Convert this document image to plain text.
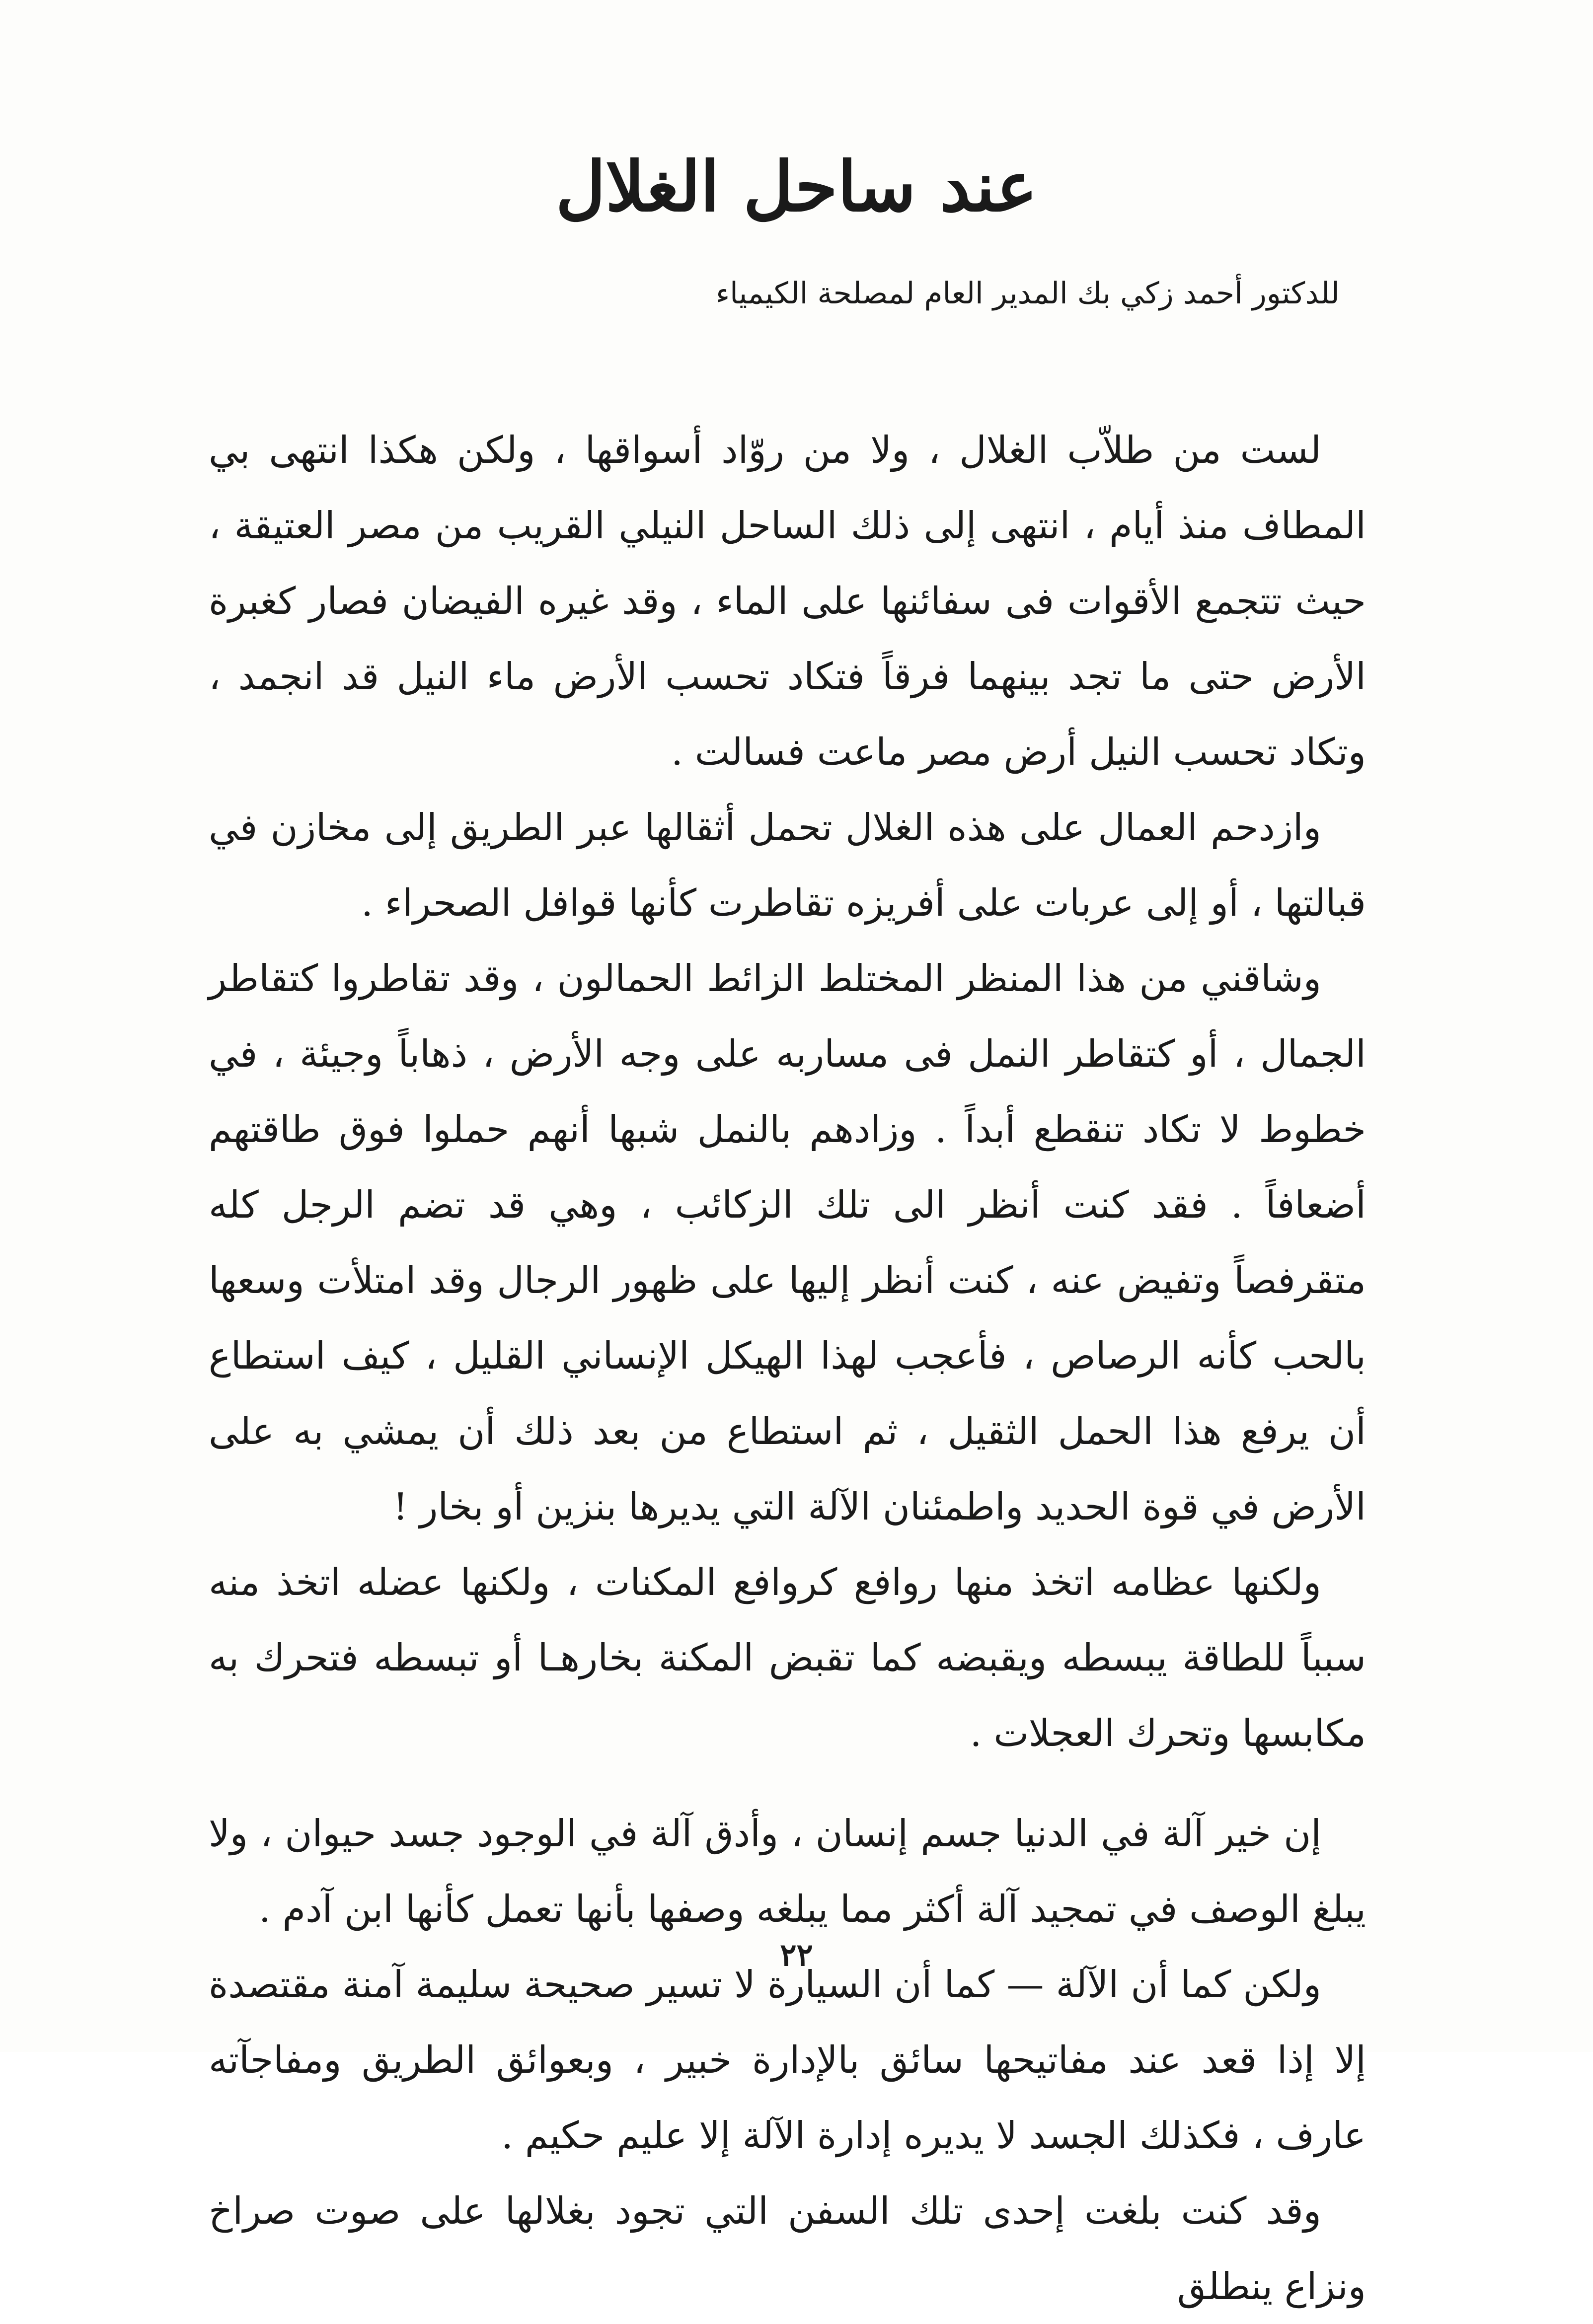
عند ساحل الغلال
للدكتور أحمد زكي بك المدير العام لمصلحة الكيمياء

لست من طلاّب الغلال ، ولا من روّاد أسواقها ، ولكن هكذا انتهى بي المطاف منذ أيام ، انتهى إلى ذلك الساحل النيلي القريب من مصر العتيقة ، حيث تتجمع الأقوات فى سفائنها على الماء ، وقد غيره الفيضان فصار كغبرة الأرض حتى ما تجد بينهما فرقاً فتكاد تحسب الأرض ماء النيل قد انجمد ، وتكاد تحسب النيل أرض مصر ماعت فسالت .

وازدحم العمال على هذه الغلال تحمل أثقالها عبر الطريق إلى مخازن في قبالتها ، أو إلى عربات على أفريزه تقاطرت كأنها قوافل الصحراء .

وشاقني من هذا المنظر المختلط الزائط الحمالون ، وقد تقاطروا كتقاطر الجمال ، أو كتقاطر النمل فى مساربه على وجه الأرض ، ذهاباً وجيئة ، في خطوط لا تكاد تنقطع أبداً . وزادهم بالنمل شبها أنهم حملوا فوق طاقتهم أضعافاً . فقد كنت أنظر الى تلك الزكائب ، وهي قد تضم الرجل كله متقرفصاً وتفيض عنه ، كنت أنظر إليها على ظهور الرجال وقد امتلأت وسعها بالحب كأنه الرصاص ، فأعجب لهذا الهيكل الإنساني القليل ، كيف استطاع أن يرفع هذا الحمل الثقيل ، ثم استطاع من بعد ذلك أن يمشي به على الأرض في قوة الحديد واطمئنان الآلة التي يديرها بنزين أو بخار !

ولكنها عظامه اتخذ منها روافع كروافع المكنات ، ولكنها عضله اتخذ منه سبباً للطاقة يبسطه ويقبضه كما تقبض المكنة بخارهـا أو تبسطه فتحرك به مكابسها وتحرك العجلات .

إن خير آلة في الدنيا جسم إنسان ، وأدق آلة في الوجود جسد حيوان ، ولا يبلغ الوصف في تمجيد آلة أكثر مما يبلغه وصفها بأنها تعمل كأنها ابن آدم .

ولكن كما أن الآلة — كما أن السيارة لا تسير صحيحة سليمة آمنة مقتصدة إلا إذا قعد عند مفاتيحها سائق بالإدارة خبير ، وبعوائق الطريق ومفاجآته عارف ، فكذلك الجسد لا يديره إدارة الآلة إلا عليم حكيم .

وقد كنت بلغت إحدى تلك السفن التي تجود بغلالها على صوت صراخ ونزاع ينطلق

٢٢
